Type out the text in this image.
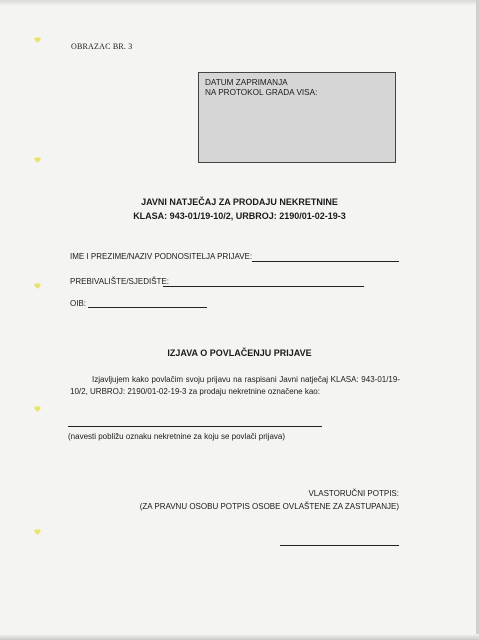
OBRAZAC BR. 3
DATUM ZAPRIMANJA
NA PROTOKOL GRADA VISA:
JAVNI NATJEČAJ ZA PRODAJU NEKRETNINE
KLASA: 943-01/19-10/2, URBROJ: 2190/01-02-19-3
IME I PREZIME/NAZIV PODNOSITELJA PRIJAVE:
PREBIVALIŠTE/SJEDIŠTE:
OIB:
IZJAVA O POVLAČENJU PRIJAVE
Izjavljujem kako povlačim svoju prijavu na raspisani Javni natječaj KLASA: 943-01/19-10/2, URBROJ: 2190/01-02-19-3 za prodaju nekretnine označene kao:
(navesti pobližu oznaku nekretnine za koju se povlači prijava)
VLASTORUČNI POTPIS:
(ZA PRAVNU OSOBU POTPIS OSOBE OVLAŠTENE ZA ZASTUPANJE)
